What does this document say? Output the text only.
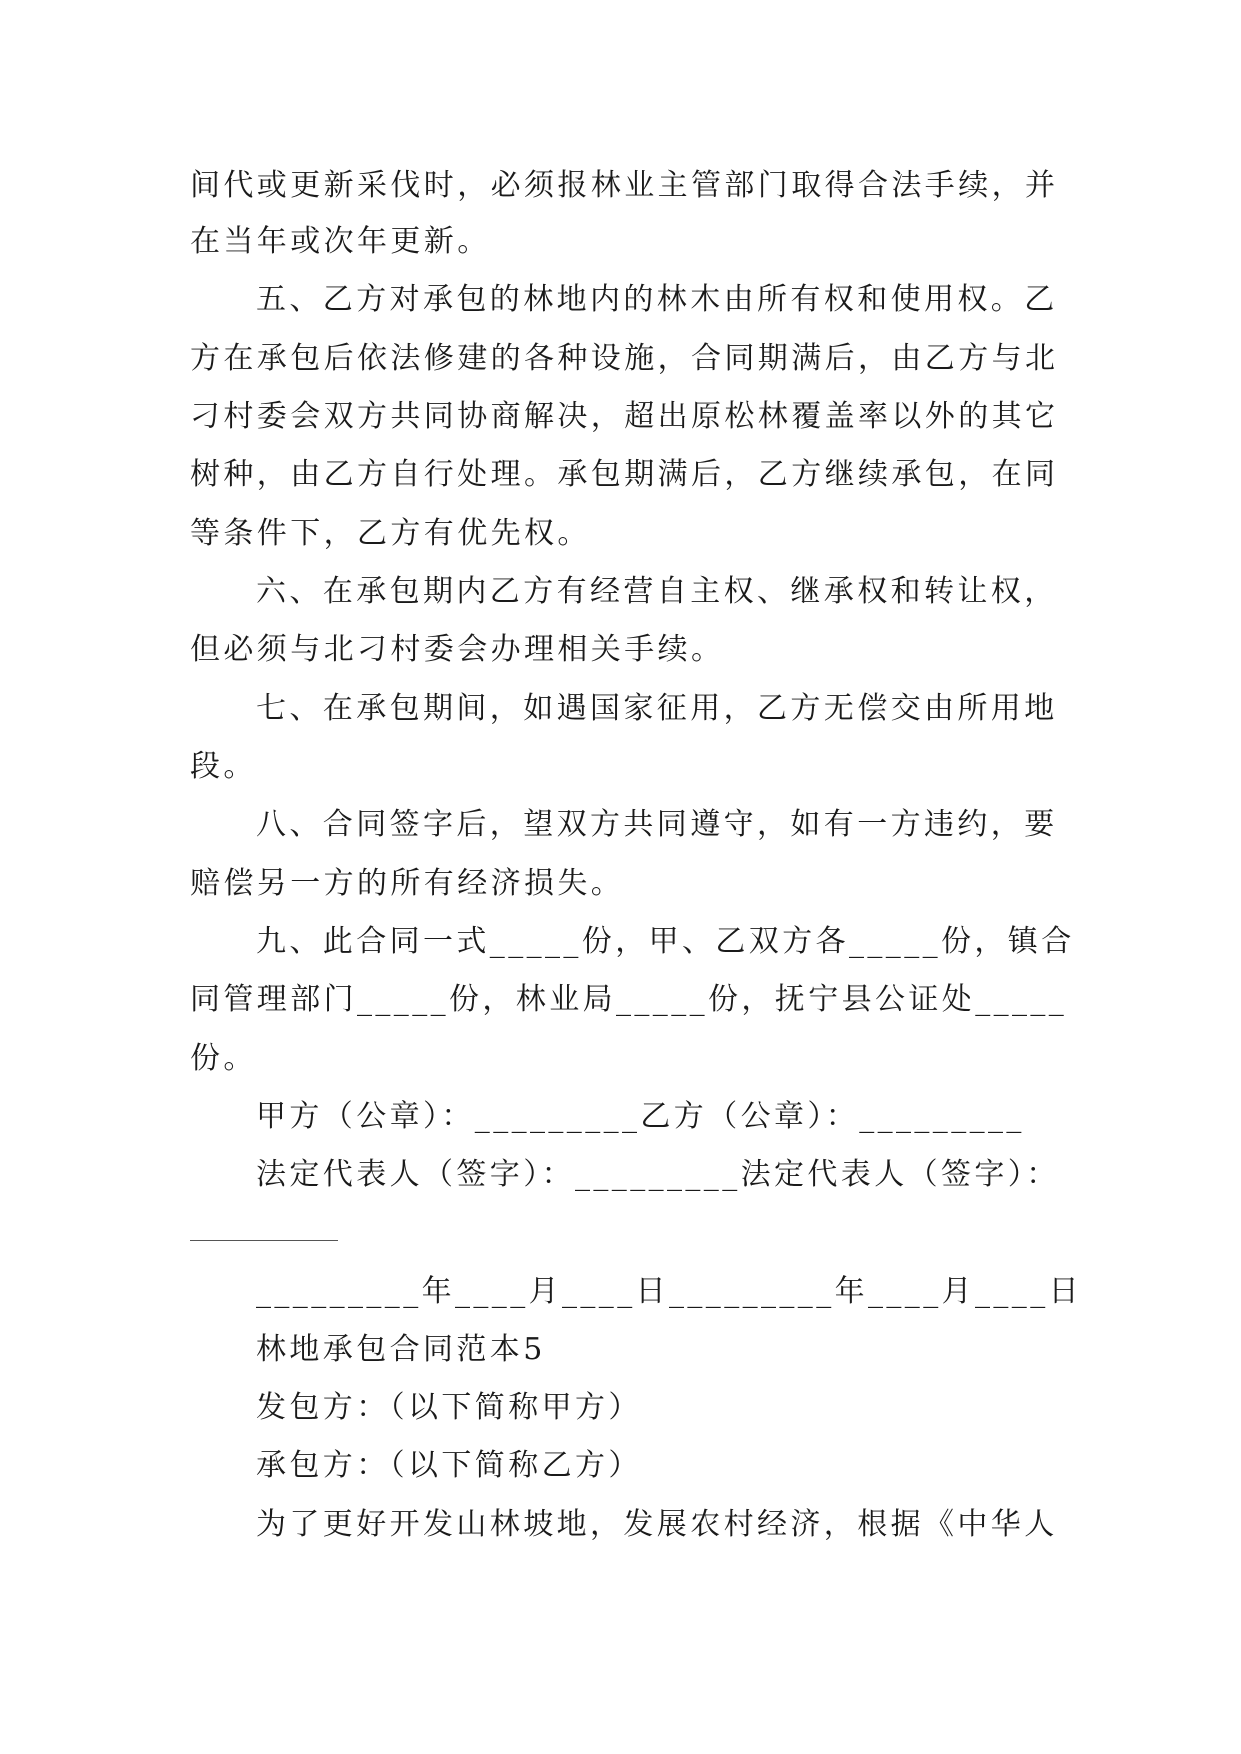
间代或更新采伐时，必须报林业主管部门取得合法手续，并
在当年或次年更新。
五、乙方对承包的林地内的林木由所有权和使用权。乙
方在承包后依法修建的各种设施，合同期满后，由乙方与北
刁村委会双方共同协商解决，超出原松林覆盖率以外的其它
树种，由乙方自行处理。承包期满后，乙方继续承包，在同
等条件下，乙方有优先权。
六、在承包期内乙方有经营自主权、继承权和转让权，
但必须与北刁村委会办理相关手续。
七、在承包期间，如遇国家征用，乙方无偿交由所用地
段。
八、合同签字后，望双方共同遵守，如有一方违约，要
赔偿另一方的所有经济损失。
九、此合同一式_____份，甲、乙双方各_____份，镇合
同管理部门_____份，林业局_____份，抚宁县公证处_____
份。
甲方（公章）：_________乙方（公章）：_________
法定代表人（签字）：_________法定代表人（签字）：
_________年____月____日_________年____月____日
林地承包合同范本5
发包方：（以下简称甲方）
承包方：（以下简称乙方）
为了更好开发山林坡地，发展农村经济，根据《中华人
